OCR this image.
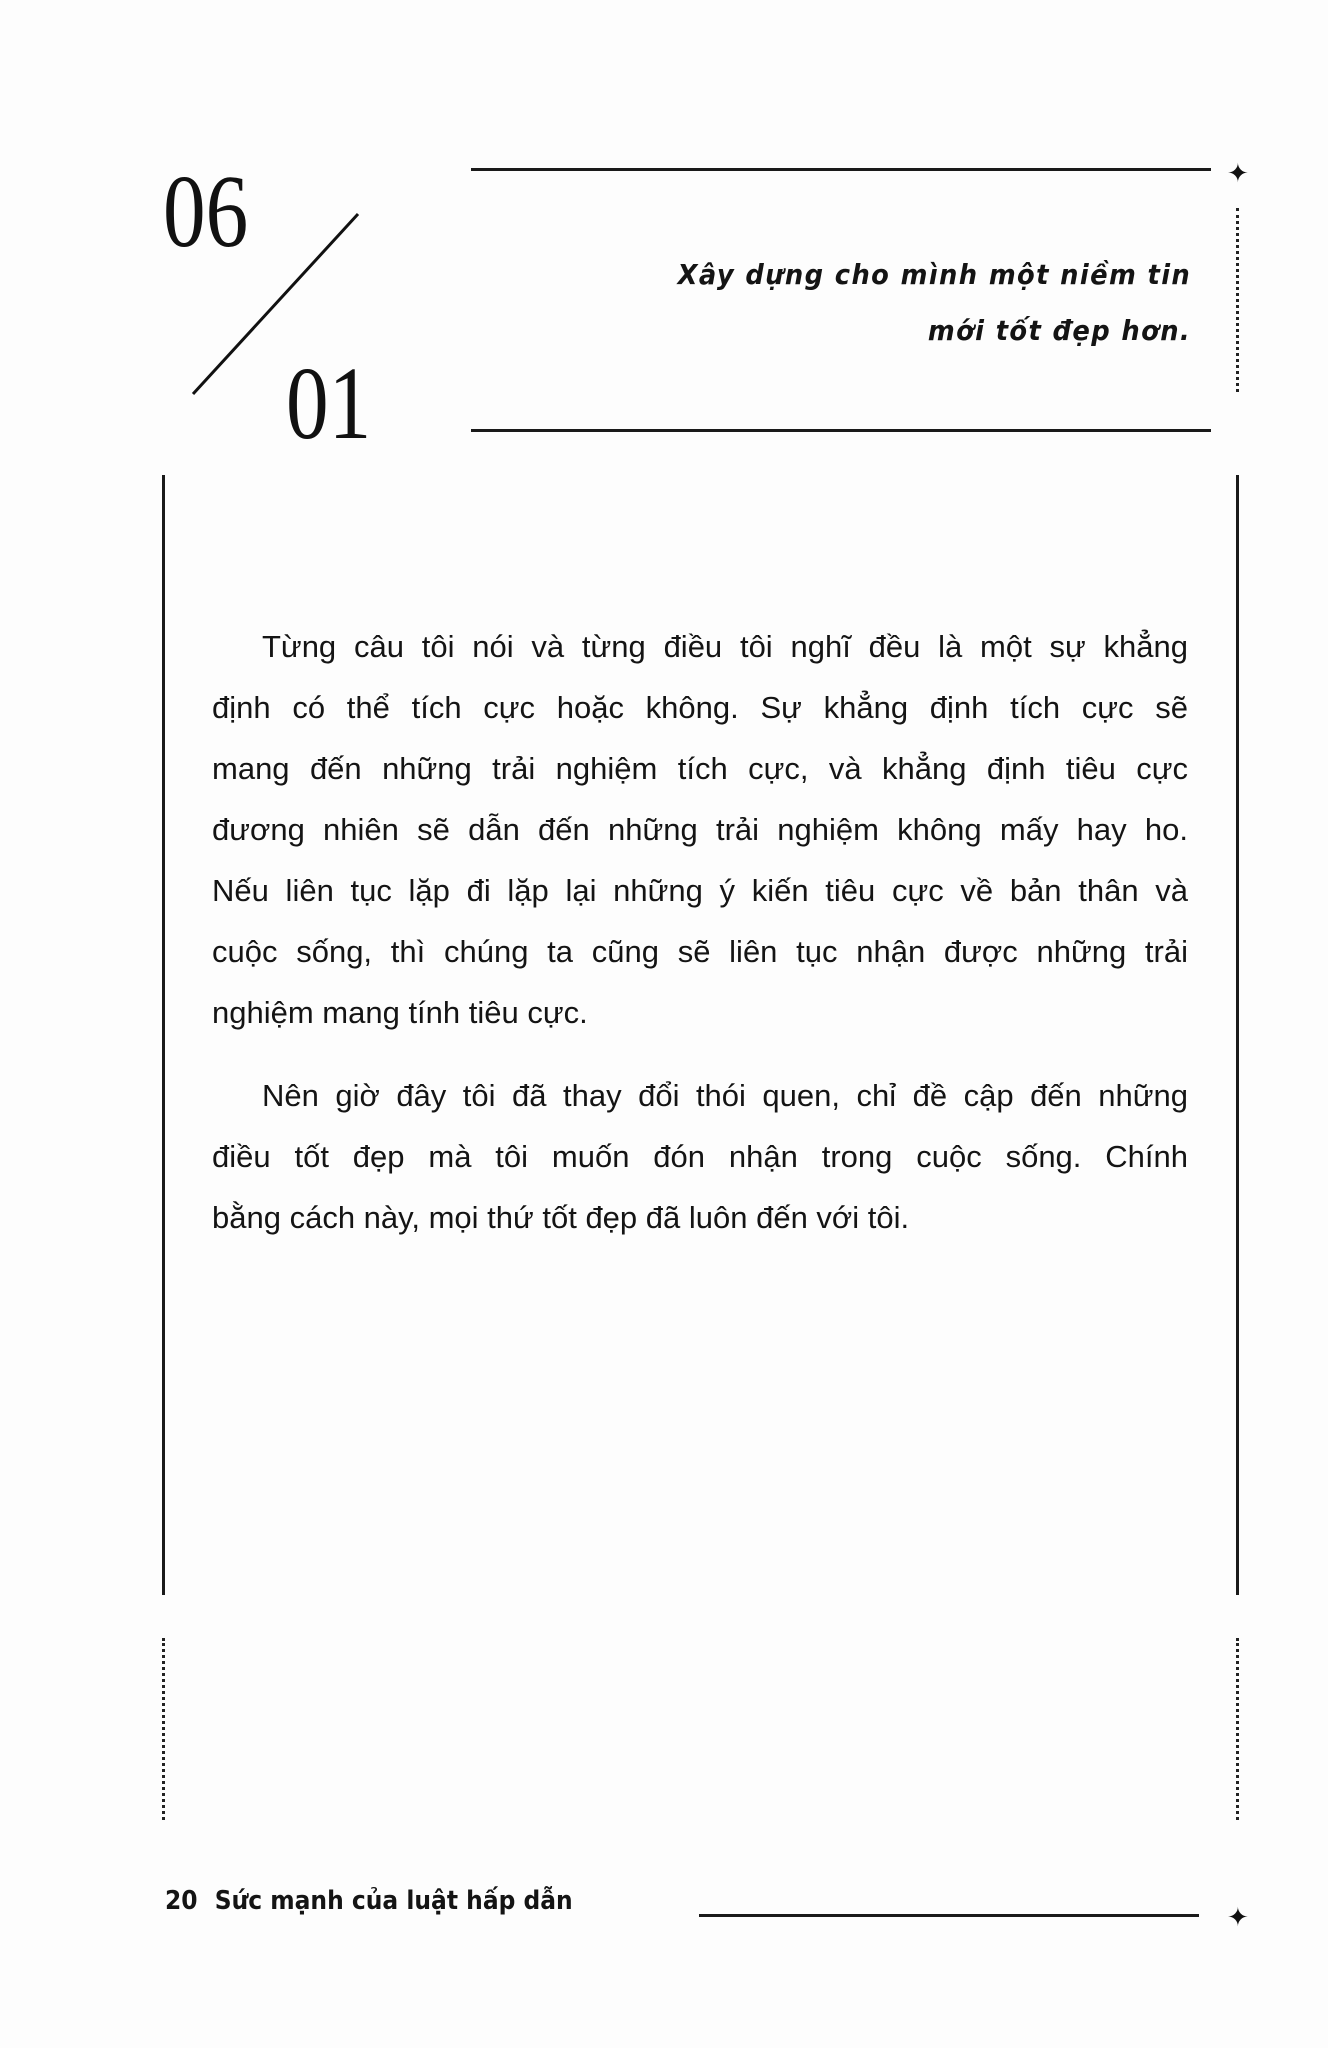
06
01
✦
Xây dựng cho mình một niềm tin
mới tốt đẹp hơn.
Từng câu tôi nói và từng điều tôi nghĩ đều là một sự khẳng
định có thể tích cực hoặc không. Sự khẳng định tích cực sẽ
mang đến những trải nghiệm tích cực, và khẳng định tiêu cực
đương nhiên sẽ dẫn đến những trải nghiệm không mấy hay ho.
Nếu liên tục lặp đi lặp lại những ý kiến tiêu cực về bản thân và
cuộc sống, thì chúng ta cũng sẽ liên tục nhận được những trải
nghiệm mang tính tiêu cực.
Nên giờ đây tôi đã thay đổi thói quen, chỉ đề cập đến những
điều tốt đẹp mà tôi muốn đón nhận trong cuộc sống. Chính
bằng cách này, mọi thứ tốt đẹp đã luôn đến với tôi.
20 Sức mạnh của luật hấp dẫn
✦
